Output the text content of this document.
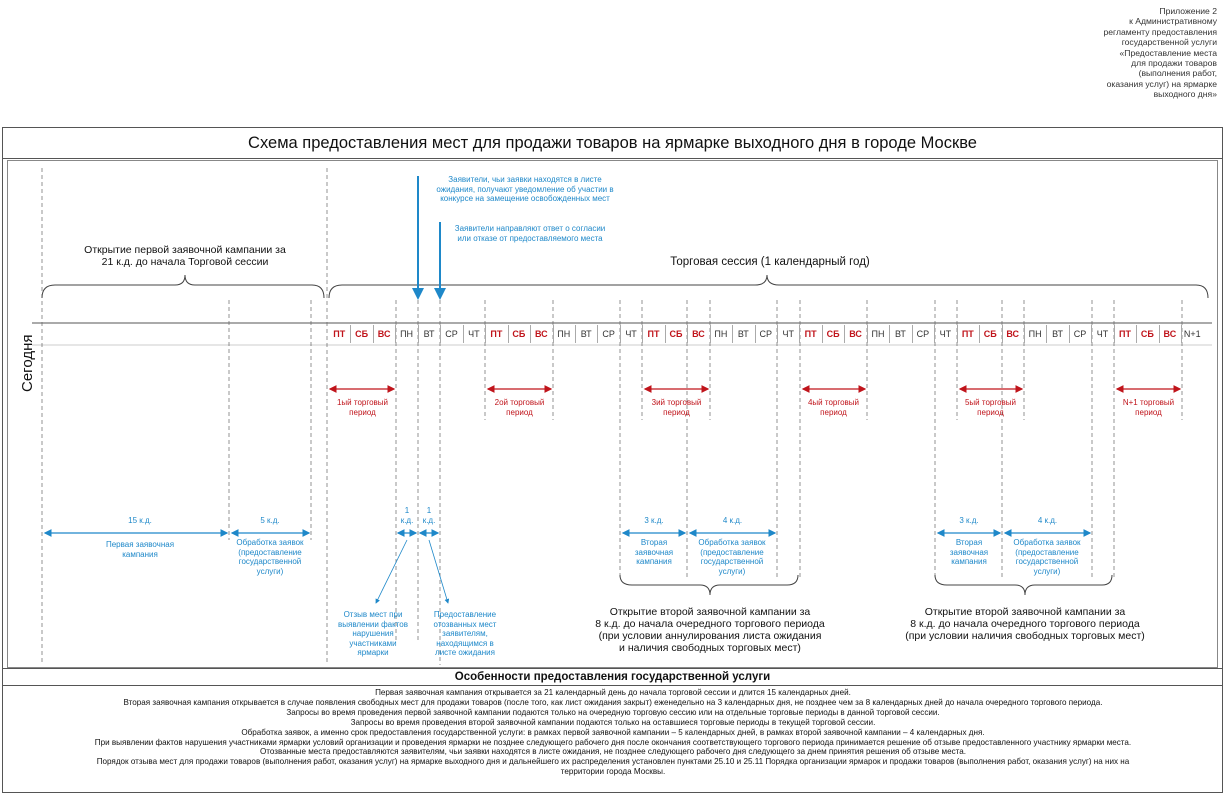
Приложение 2
к Административному
регламенту предоставления
государственной услуги
«Предоставление места
для продажи товаров
(выполнения работ,
оказания услуг) на ярмарке
выходного дня»
Схема предоставления мест для продажи товаров на ярмарке выходного дня в городе Москве
Сегодня
Открытие первой заявочной кампании за
21 к.д. до начала Торговой сессии	Торговая сессия (1 календарный год)
Заявители, чьи заявки находятся в листе
ожидания, получают уведомление об участии в
конкурсе на замещение освобожденных мест
Заявители направляют ответ о согласии
или отказе от предоставляемого места
ПТ	СБ	ВС	ПН	ВТ	СР	ЧТ	ПТ	СБ	ВС	ПН	ВТ	СР	ЧТ	ПТ	СБ	ВС	ПН	ВТ	СР	ЧТ	ПТ	СБ	ВС	ПН	ВТ	СР	ЧТ	ПТ	СБ	ВС	ПН	ВТ	СР	ЧТ	ПТ	СБ	ВС N+1
1ый торговый
период
2ой торговый
период
3ий торговый
период
4ый торговый
период
5ый торговый
период
N+1 торговый
период
15 к.д.
Первая заявочная
кампания
5 к.д.
Обработка заявок
(предоставление
государственной
услуги)
1
к.д.
1
к.д.
Отзыв мест при
выявлении фактов
нарушения
участниками
ярмарки
Предоставление
отозванных мест
заявителям,
находящимся в
листе ожидания
3 к.д.
Вторая
заявочная
кампания
4 к.д.
Обработка заявок
(предоставление
государственной
услуги)
Открытие второй заявочной кампании за
8 к.д. до начала очередного торгового периода
(при условии аннулирования листа ожидания
и наличия свободных торговых мест)
3 к.д.
Вторая
заявочная
кампания
4 к.д.
Обработка заявок
(предоставление
государственной
услуги)
Открытие второй заявочной кампании за
8 к.д. до начала очередного торгового периода
(при условии наличия свободных торговых мест)
Особенности предоставления государственной услуги
Первая заявочная кампания открывается за 21 календарный день до начала торговой сессии и длится 15 календарных дней.
Вторая заявочная кампания открывается в случае появления свободных мест для продажи товаров (после того, как лист ожидания закрыт) еженедельно на 3 календарных дня, не позднее чем за 8 календарных дней до начала очередного торгового периода.
Запросы во время проведения первой заявочной кампании подаются только на очередную торговую сессию или на отдельные торговые периоды в данной торговой сессии.
Запросы во время проведения второй заявочной кампании подаются только на оставшиеся торговые периоды в текущей торговой сессии.
Обработка заявок, а именно срок предоставления государственной услуги: в рамках первой заявочной кампании – 5 календарных дней, в рамках второй заявочной кампании – 4 календарных дня.
При выявлении фактов нарушения участниками ярмарки условий организации и проведения ярмарки не позднее следующего рабочего дня после окончания соответствующего торгового периода принимается решение об отзыве предоставленного участнику ярмарки места.
Отозванные места предоставляются заявителям, чьи заявки находятся в листе ожидания, не позднее следующего рабочего дня следующего за днем принятия решения об отзыве места.
Порядок отзыва мест для продажи товаров (выполнения работ, оказания услуг) на ярмарке выходного дня и дальнейшего их распределения установлен пунктами 25.10 и 25.11 Порядка организации ярмарок и продажи товаров (выполнения работ, оказания услуг) на них на
территории города Москвы.
